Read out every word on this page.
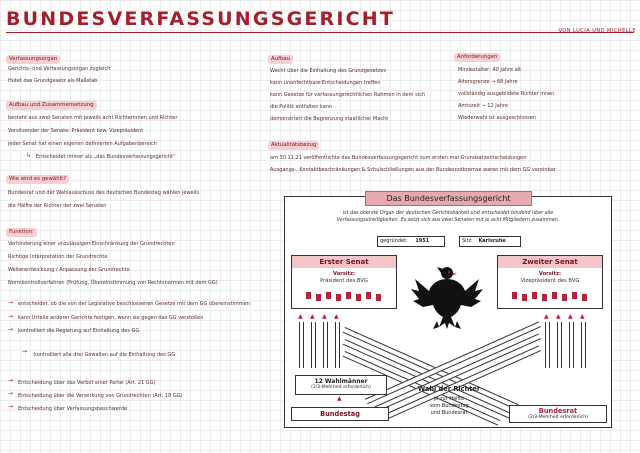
BUNDESVERFASSUNGSGERICHT
VON LUCIA UND MICHELLE
Verfassungsorgan
Gerichts- und Verfassungsorgan zugleich
Hütet das Grundgesetz als Maßstab
Aufbau und Zusammensetzung
besteht aus zwei Senaten mit jeweils acht Richterinnen und Richter
Vorsitzender der Senate: Präsident bzw. Vizepräsident
jeder Senat hat einen eigenen definierten Aufgabenbereich
↳ Entscheidet immer als „das Bundesverfassungsgericht“
Wie wird es gewählt?
Bundesrat und der Wahlausschuss des deutschen Bundestag wählen jeweils
die Hälfte der Richter der zwei Senaten
Funktion:
Verhinderung einer unzulässigen Einschränkung der Grundrechten
Richtige Interpretation der Grundrechte
Weiterentwicklung / Anpassung der Grundrechte
Normkontrollverfahren (Prüfung, Übereinstimmung von Rechtsnormen mit dem GG)
→ entscheidet, ob die von der Legislative beschlossenen Gesetze mit dem GG übereinstimmen
→ kann Urteile anderer Gerichte festigen, wenn sie gegen das GG verstoßen
→ kontrolliert die Regierung auf Einhaltung des GG
→ kontrolliert alle drei Gewalten auf die Einhaltung des GG
→ Entscheidung über das Verbot einer Partei (Art. 21 GG)
→ Entscheidung über die Verwirkung von Grundrechten (Art. 18 GG)
→ Entscheidung über Verfassungsbeschwerde
Aufbau
Wacht über die Einhaltung des Grundgesetzes
kann unanfechtbare Entscheidungen treffen
kann Gesetze für verfassungsrechtlichen Rahmen in dem sich
die Politik entfalten kann
demonstriert die Begrenzung staatlicher Macht
Anforderungen
Mindestalter: 40 Jahre alt
Altersgrenze → 68 Jahre
vollständig ausgebildete Richter innen
Amtszeit → 12 Jahre
Wiederwahl ist ausgeschlossen
Aktualitätsbezug
am 30.11.21 veröffentlichte das Bundesverfassungsgericht zum ersten mal Grundsatzentscheidungen
Ausgangs-, Kontaktbeschränkungen & Schulschließungen aus der Bundesnotbremse waren mit dem GG vereinbar
Das Bundesverfassungsgericht
ist das oberste Organ der deutschen Gerichtsbarkeit und entscheidet bindend über alle
Verfassungsstreitigkeiten. Es setzt sich aus zwei Senaten mit je acht Mitgliedern zusammen.
gegründet: 1951	Sitz: Karlsruhe
Erster Senat
Vorsitz:
Präsident des BVG
Zweiter Senat
Vorsitz:
Vizepräsident des BVG
▲ ▲ ▲ ▲	▲ ▲ ▲ ▲
12 Wahlmänner
(2/3-Mehrheit erforderlich)
▲
Wahl der Richter
je zur Hälfte
vom Bundestag
und Bundesrat
Bundestag	Bundesrat
(2/3-Mehrheit erforderlich)
